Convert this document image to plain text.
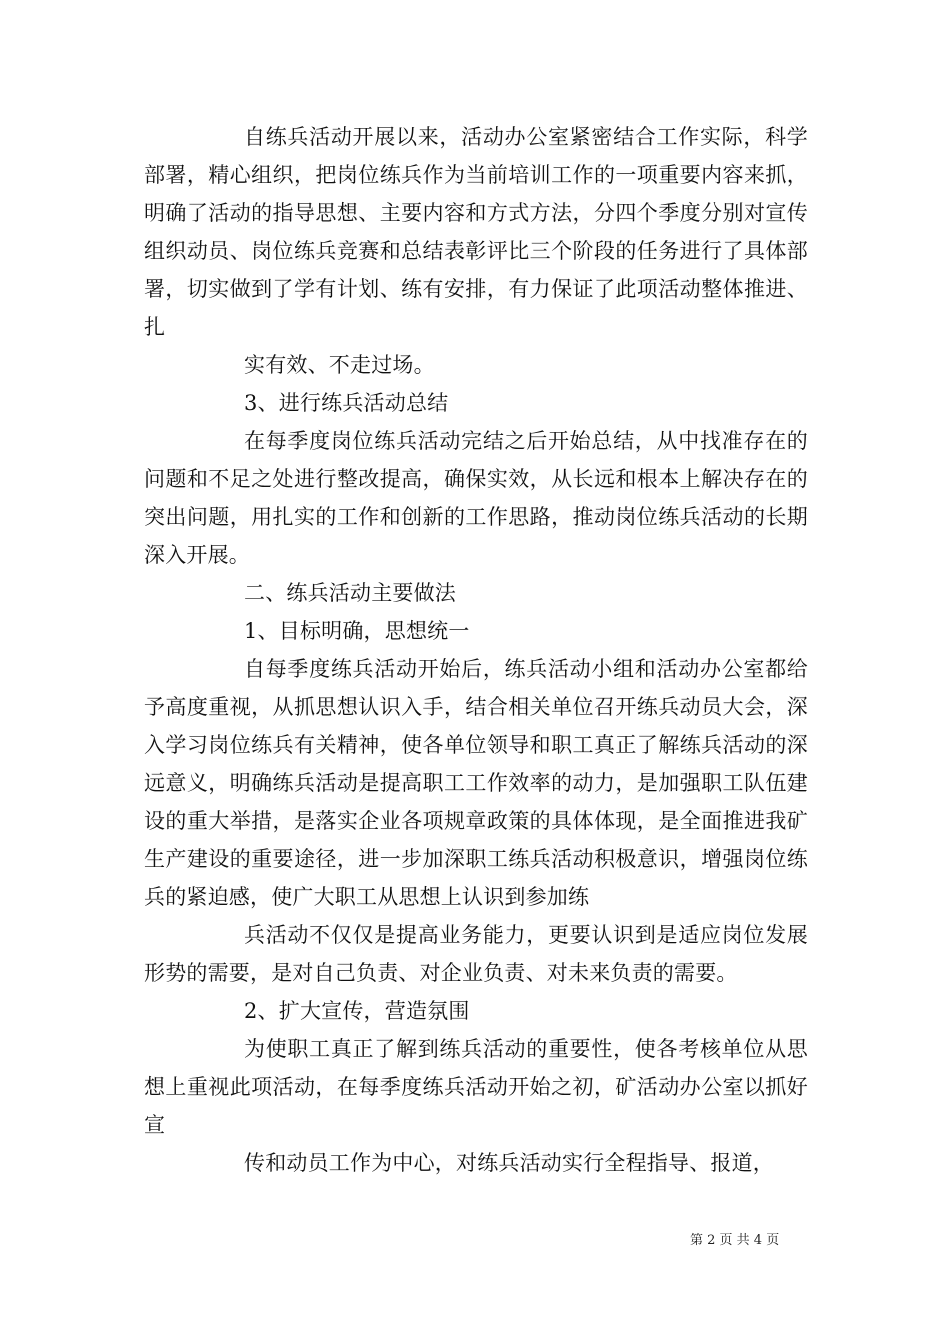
自练兵活动开展以来，活动办公室紧密结合工作实际，科学部署，精心组织，把岗位练兵作为当前培训工作的一项重要内容来抓，明确了活动的指导思想、主要内容和方式方法，分四个季度分别对宣传组织动员、岗位练兵竞赛和总结表彰评比三个阶段的任务进行了具体部署，切实做到了学有计划、练有安排，有力保证了此项活动整体推进、扎

实有效、不走过场。

3、进行练兵活动总结

在每季度岗位练兵活动完结之后开始总结，从中找准存在的问题和不足之处进行整改提高，确保实效，从长远和根本上解决存在的突出问题，用扎实的工作和创新的工作思路，推动岗位练兵活动的长期深入开展。

二、练兵活动主要做法

1、目标明确，思想统一

自每季度练兵活动开始后，练兵活动小组和活动办公室都给予高度重视，从抓思想认识入手，结合相关单位召开练兵动员大会，深入学习岗位练兵有关精神，使各单位领导和职工真正了解练兵活动的深远意义，明确练兵活动是提高职工工作效率的动力，是加强职工队伍建设的重大举措，是落实企业各项规章政策的具体体现，是全面推进我矿生产建设的重要途径，进一步加深职工练兵活动积极意识，增强岗位练兵的紧迫感，使广大职工从思想上认识到参加练

兵活动不仅仅是提高业务能力，更要认识到是适应岗位发展形势的需要，是对自己负责、对企业负责、对未来负责的需要。

2、扩大宣传，营造氛围

为使职工真正了解到练兵活动的重要性，使各考核单位从思想上重视此项活动，在每季度练兵活动开始之初，矿活动办公室以抓好宣

传和动员工作为中心，对练兵活动实行全程指导、报道，

第 2 页 共 4 页
